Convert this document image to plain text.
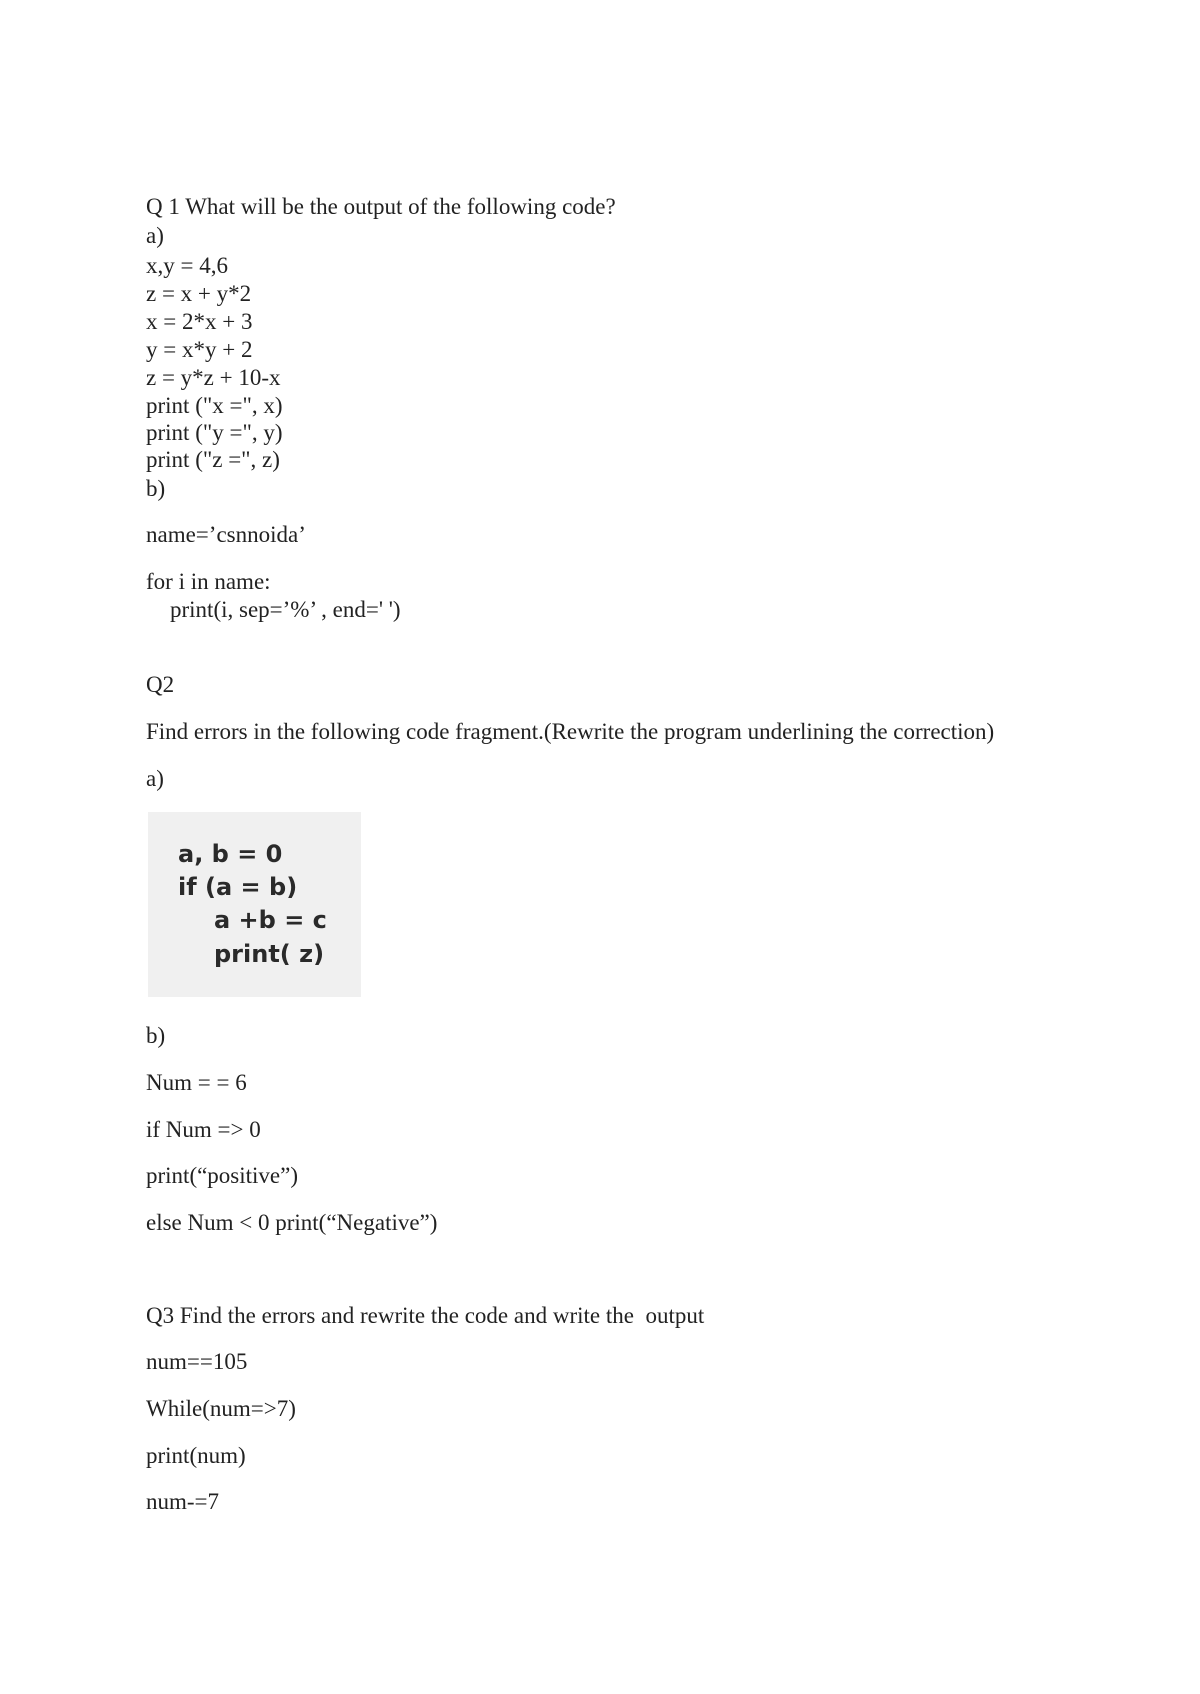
Q 1 What will be the output of the following code?
a)
x,y = 4,6
z = x + y*2
x = 2*x + 3
y = x*y + 2
z = y*z + 10-x
print ("x =", x)
print ("y =", y)
print ("z =", z)
b)
name=’csnnoida’
for i in name:
print(i, sep=’%’ , end=' ')
Q2
Find errors in the following code fragment.(Rewrite the program underlining the correction)
a)
a, b = 0
if (a = b)
a +b = c
print( z)
b)
Num = = 6
if Num => 0
print(“positive”)
else Num < 0 print(“Negative”)
Q3 Find the errors and rewrite the code and write the  output
num==105
While(num=>7)
print(num)
num-=7
